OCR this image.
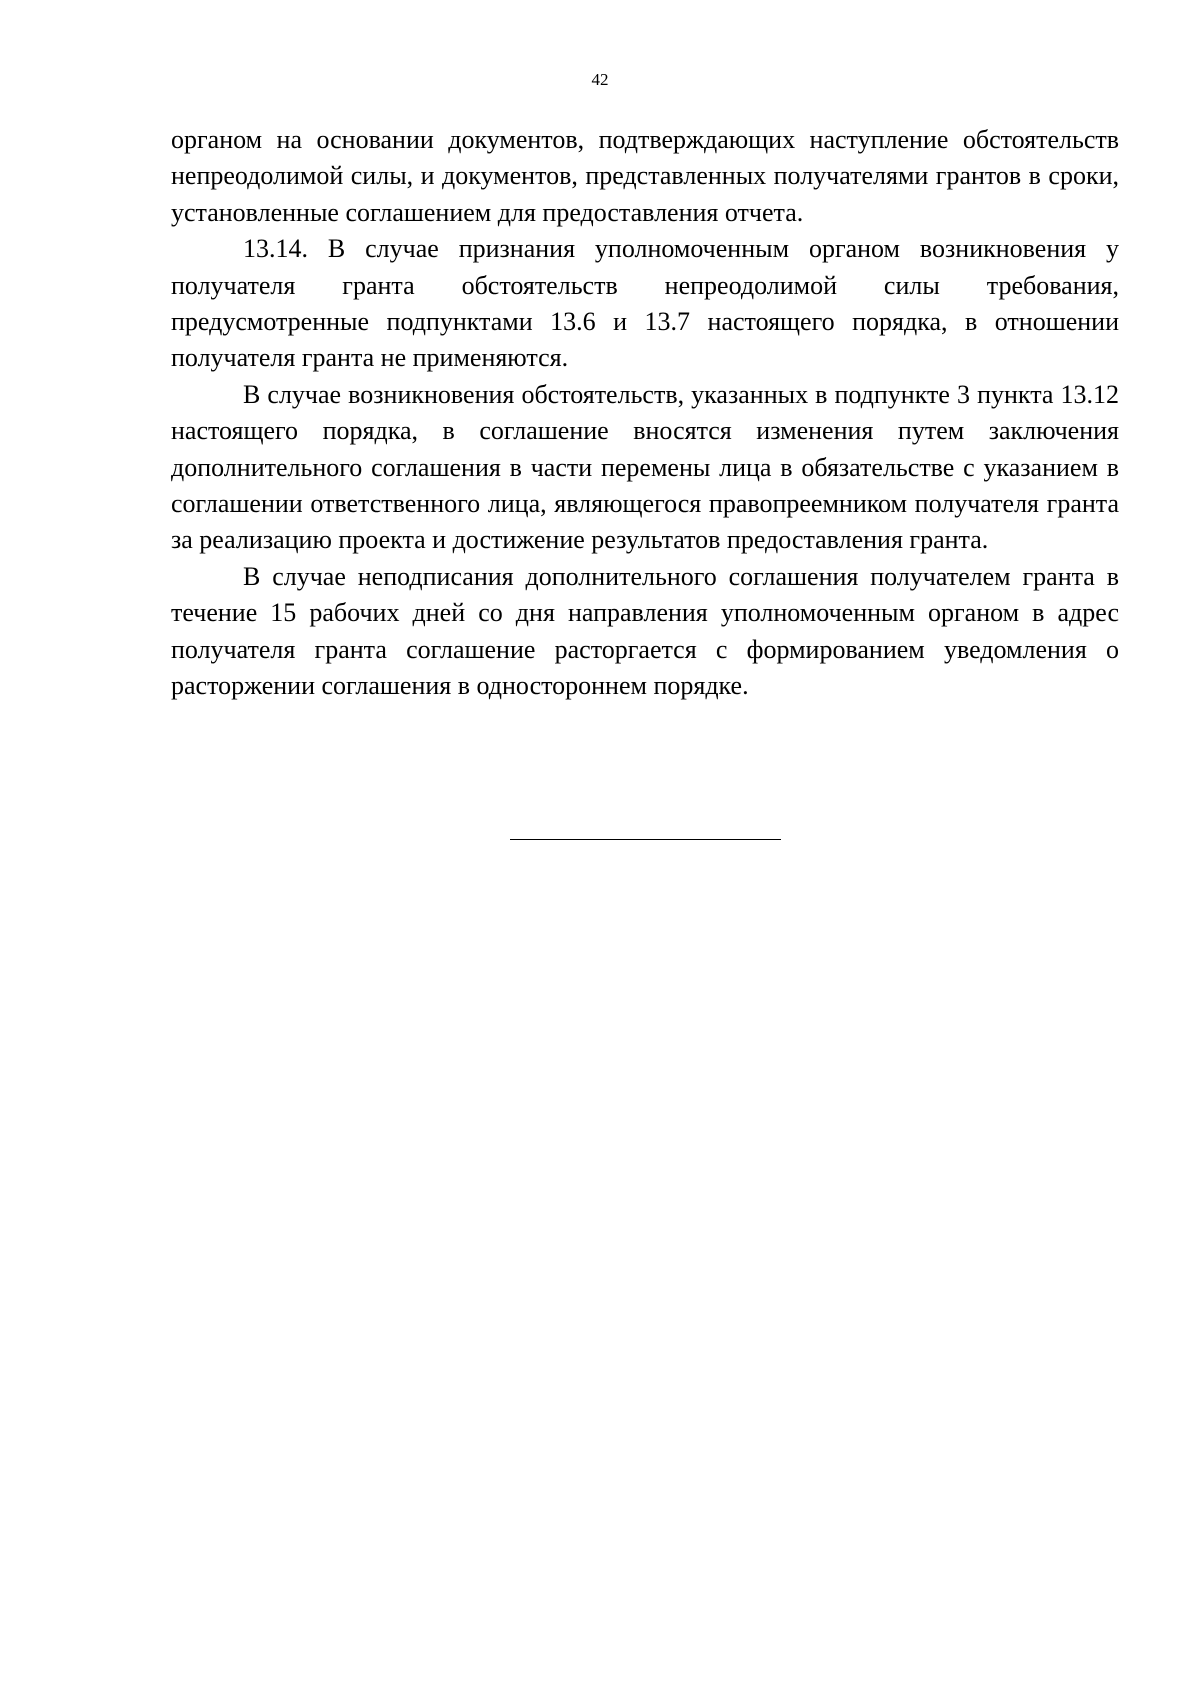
42

органом на основании документов, подтверждающих наступление обстоятельств непреодолимой силы, и документов, представленных получателями грантов в сроки, установленные соглашением для предоставления отчета.

13.14. В случае признания уполномоченным органом возникновения у получателя гранта обстоятельств непреодолимой силы требования, предусмотренные подпунктами 13.6 и 13.7 настоящего порядка, в отношении получателя гранта не применяются.

В случае возникновения обстоятельств, указанных в подпункте 3 пункта 13.12 настоящего порядка, в соглашение вносятся изменения путем заключения дополнительного соглашения в части перемены лица в обязательстве с указанием в соглашении ответственного лица, являющегося правопреемником получателя гранта за реализацию проекта и достижение результатов предоставления гранта.

В случае неподписания дополнительного соглашения получателем гранта в течение 15 рабочих дней со дня направления уполномоченным органом в адрес получателя гранта соглашение расторгается с формированием уведомления о расторжении соглашения в одностороннем порядке.
